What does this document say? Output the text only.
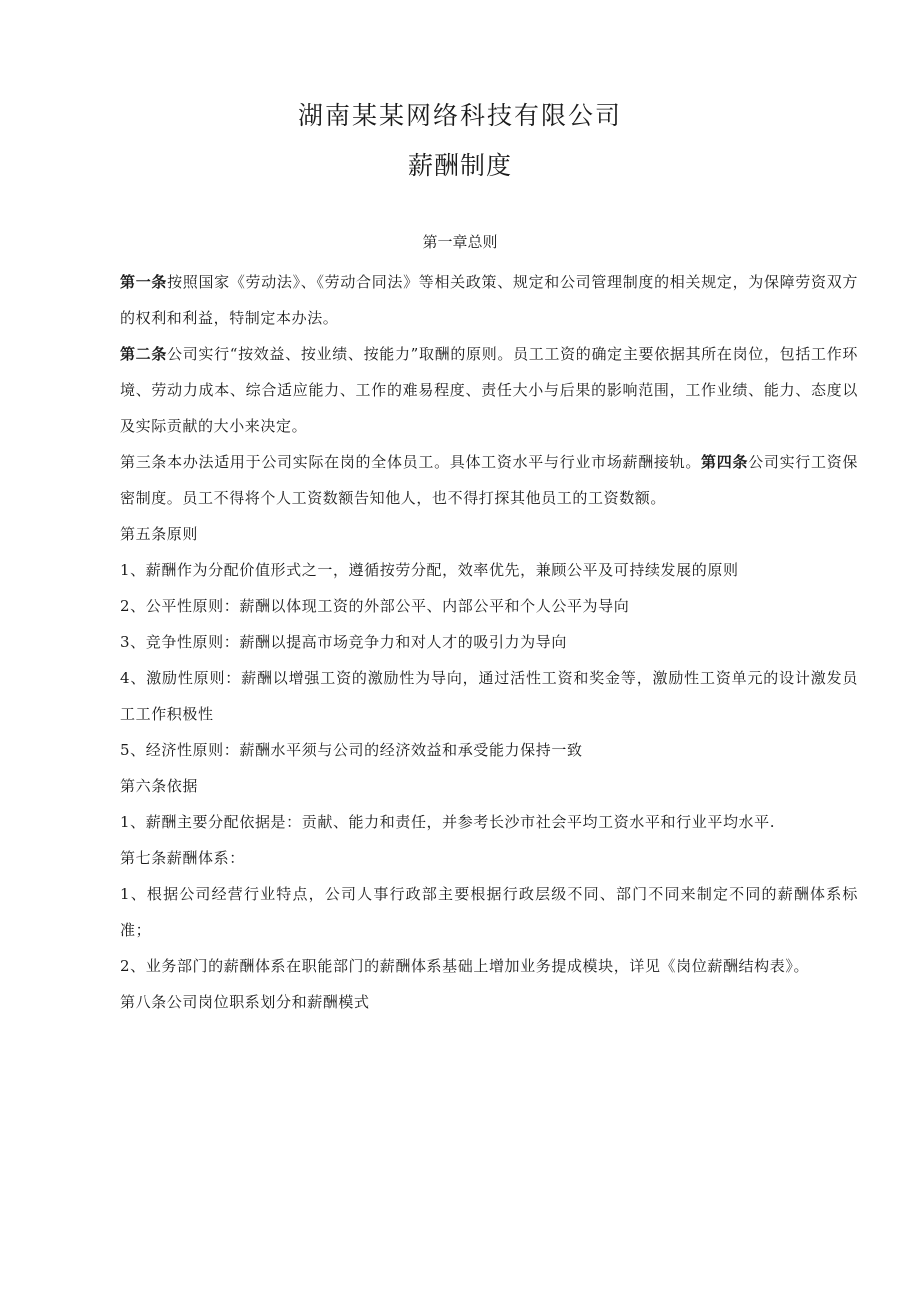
湖南某某网络科技有限公司
薪酬制度
第一章总则

第一条按照国家《劳动法》、《劳动合同法》等相关政策、规定和公司管理制度的相关规定，为保障劳资双方的权利和利益，特制定本办法。

第二条公司实行“按效益、按业绩、按能力”取酬的原则。员工工资的确定主要依据其所在岗位，包括工作环境、劳动力成本、综合适应能力、工作的难易程度、责任大小与后果的影响范围，工作业绩、能力、态度以及实际贡献的大小来决定。

第三条本办法适用于公司实际在岗的全体员工。具体工资水平与行业市场薪酬接轨。第四条公司实行工资保密制度。员工不得将个人工资数额告知他人，也不得打探其他员工的工资数额。

第五条原则

1、薪酬作为分配价值形式之一，遵循按劳分配，效率优先，兼顾公平及可持续发展的原则

2、公平性原则：薪酬以体现工资的外部公平、内部公平和个人公平为导向

3、竞争性原则：薪酬以提高市场竞争力和对人才的吸引力为导向

4、激励性原则：薪酬以增强工资的激励性为导向，通过活性工资和奖金等，激励性工资单元的设计激发员工工作积极性

5、经济性原则：薪酬水平须与公司的经济效益和承受能力保持一致

第六条依据

1、薪酬主要分配依据是：贡献、能力和责任，并参考长沙市社会平均工资水平和行业平均水平.

第七条薪酬体系：

1、根据公司经营行业特点，公司人事行政部主要根据行政层级不同、部门不同来制定不同的薪酬体系标准；

2、业务部门的薪酬体系在职能部门的薪酬体系基础上增加业务提成模块，详见《岗位薪酬结构表》。

第八条公司岗位职系划分和薪酬模式
